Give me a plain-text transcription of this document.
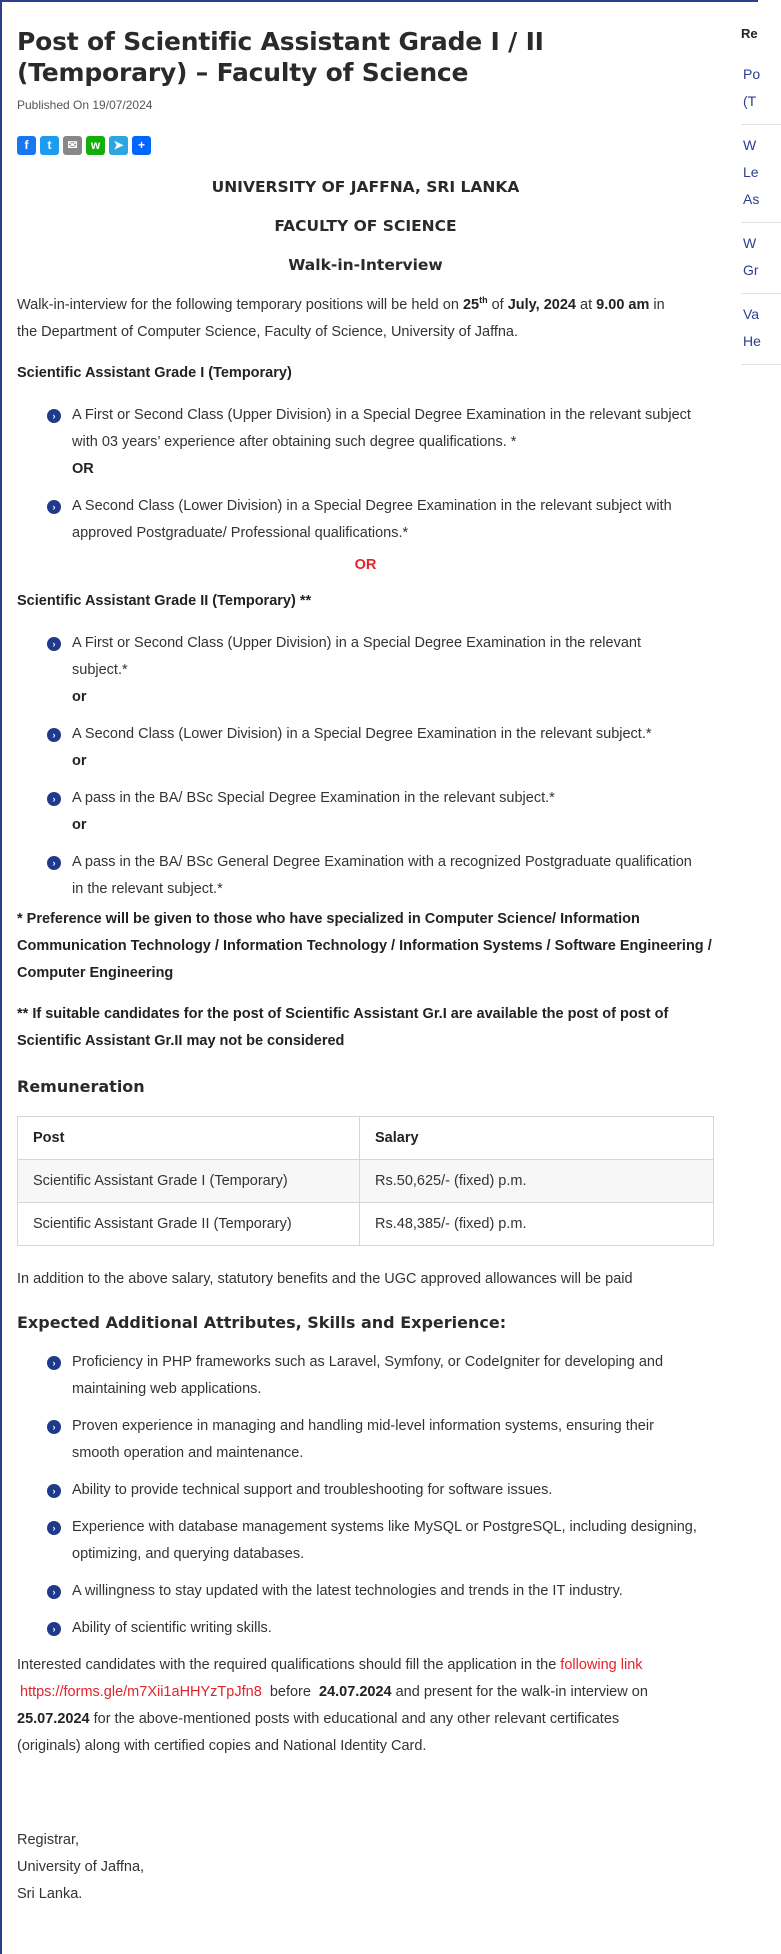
Post of Scientific Assistant Grade I / II (Temporary) – Faculty of Science
Published On 19/07/2024
f	t	✉	w	➤	+
UNIVERSITY OF JAFFNA, SRI LANKA
FACULTY OF SCIENCE
Walk-in-Interview
Walk-in-interview for the following temporary positions will be held on 25th of July, 2024 at 9.00 am in
the Department of Computer Science, Faculty of Science, University of Jaffna.
Scientific Assistant Grade I (Temporary)
›	A First or Second Class (Upper Division) in a Special Degree Examination in the relevant subject
with 03 years’ experience after obtaining such degree qualifications. *
OR
›	A Second Class (Lower Division) in a Special Degree Examination in the relevant subject with
approved Postgraduate/ Professional qualifications.*
OR
Scientific Assistant Grade II (Temporary) **
›	A First or Second Class (Upper Division) in a Special Degree Examination in the relevant
subject.*
or
›	A Second Class (Lower Division) in a Special Degree Examination in the relevant subject.*
or
›	A pass in the BA/ BSc Special Degree Examination in the relevant subject.*
or
›	A pass in the BA/ BSc General Degree Examination with a recognized Postgraduate qualification
in the relevant subject.*
* Preference will be given to those who have specialized in Computer Science/ Information
Communication Technology / Information Technology / Information Systems / Software Engineering /
Computer Engineering
** If suitable candidates for the post of Scientific Assistant Gr.I are available the post of post of
Scientific Assistant Gr.II may not be considered
Remuneration
Post	Salary
Scientific Assistant Grade I (Temporary)	Rs.50,625/- (fixed) p.m.
Scientific Assistant Grade II (Temporary)	Rs.48,385/- (fixed) p.m.
In addition to the above salary, statutory benefits and the UGC approved allowances will be paid
Expected Additional Attributes, Skills and Experience:
›	Proficiency in PHP frameworks such as Laravel, Symfony, or CodeIgniter for developing and
maintaining web applications.
›	Proven experience in managing and handling mid-level information systems, ensuring their
smooth operation and maintenance.
›	Ability to provide technical support and troubleshooting for software issues.
›	Experience with database management systems like MySQL or PostgreSQL, including designing,
optimizing, and querying databases.
›	A willingness to stay updated with the latest technologies and trends in the IT industry.
›	Ability of scientific writing skills.
Interested candidates with the required qualifications should fill the application in the following link
https://forms.gle/m7Xii1aHHYzTpJfn8  before  24.07.2024 and present for the walk-in interview on
25.07.2024 for the above-mentioned posts with educational and any other relevant certificates
(originals) along with certified copies and National Identity Card.
Registrar,
University of Jaffna,
Sri Lanka.
Re
Po
(T
W
Le
As
W
Gr
Va
He
